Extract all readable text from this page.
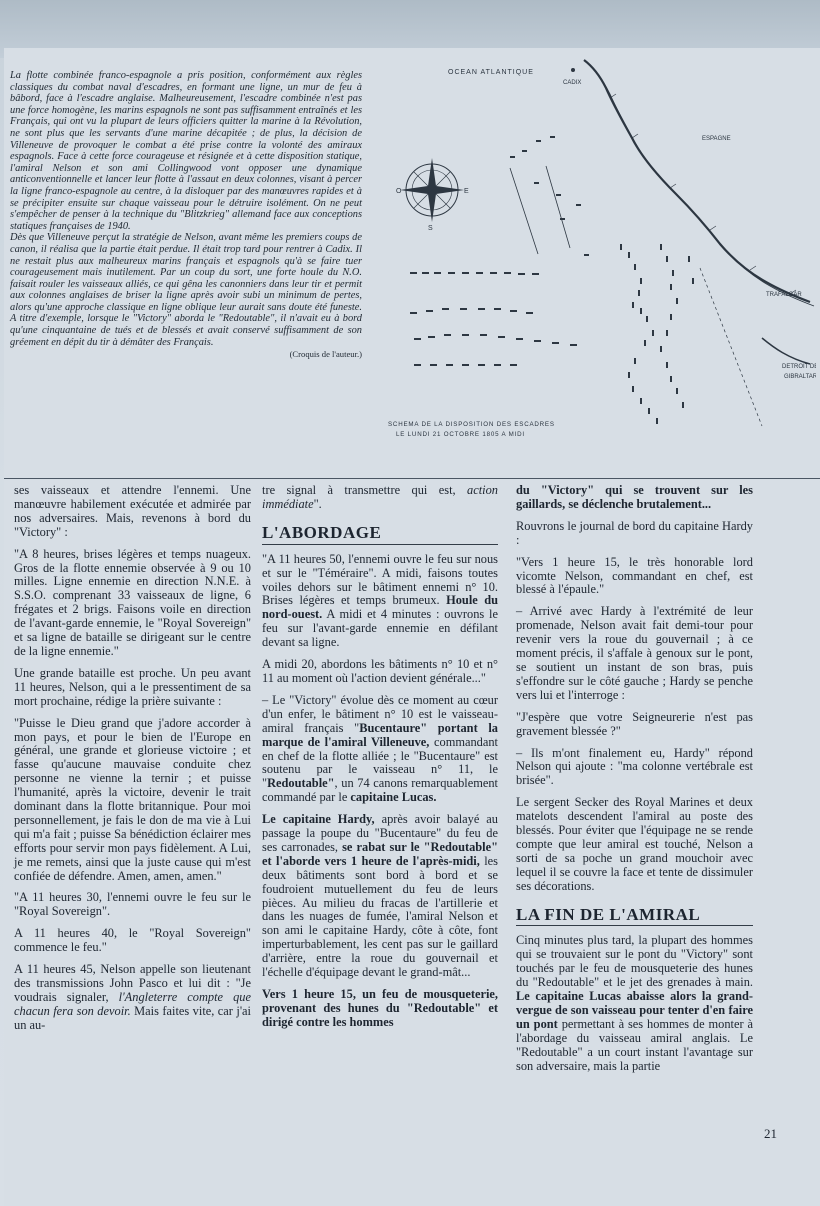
La flotte combinée franco-espagnole a pris position, conformément aux règles classiques du combat naval d'escadres, en formant une ligne, un mur de feu à bâbord, face à l'escadre anglaise. Malheureusement, l'escadre combinée n'est pas une force homogène, les marins espagnols ne sont pas suffisamment entraînés et les Français, qui ont vu la plupart de leurs officiers quitter la marine à la Révolution, ne sont plus que les servants d'une marine décapitée ; de plus, la décision de Villeneuve de provoquer le combat a été prise contre la volonté des amiraux espagnols. Face à cette force courageuse et résignée et à cette disposition statique, l'amiral Nelson et son ami Collingwood vont opposer une dynamique anticonventionnelle et lancer leur flotte à l'assaut en deux colonnes, visant à percer la ligne franco-espagnole au centre, à la disloquer par des manœuvres rapides et à se précipiter ensuite sur chaque vaisseau pour le détruire isolément. On ne peut s'empêcher de penser à la technique du "Blitzkrieg" allemand face aux conceptions statiques françaises de 1940.

Dès que Villeneuve perçut la stratégie de Nelson, avant même les premiers coups de canon, il réalisa que la partie était perdue. Il était trop tard pour rentrer à Cadix. Il ne restait plus aux malheureux marins français et espagnols qu'à se faire tuer courageusement mais inutilement. Par un coup du sort, une forte houle du N.O. faisait rouler les vaisseaux alliés, ce qui gêna les canonniers dans leur tir et permit aux colonnes anglaises de briser la ligne après avoir subi un minimum de pertes, alors qu'une approche classique en ligne oblique leur aurait sans doute été funeste. A titre d'exemple, lorsque le "Victory" aborda le "Redoutable", il n'avait eu à bord qu'une cinquantaine de tués et de blessés et avait conservé suffisamment de son gréement en dépit du tir à démâter des Français.

(Croquis de l'auteur.)
OCEAN ATLANTIQUE
CADIX
ESPAGNE
TRAFALGAR
DETROIT DE
GIBRALTAR
O	E
S
SCHEMA DE LA DISPOSITION DES ESCADRES
LE LUNDI 21 OCTOBRE 1805 A MIDI

ses vaisseaux et attendre l'ennemi. Une manœuvre habilement exécutée et admirée par nos adversaires. Mais, revenons à bord du "Victory" :

"A 8 heures, brises légères et temps nuageux. Gros de la flotte ennemie observée à 9 ou 10 milles. Ligne ennemie en direction N.N.E. à S.S.O. comprenant 33 vaisseaux de ligne, 6 frégates et 2 brigs. Faisons voile en direction de l'avant-garde ennemie, le "Royal Sovereign" et sa ligne de bataille se dirigeant sur le centre de la ligne ennemie."

Une grande bataille est proche. Un peu avant 11 heures, Nelson, qui a le pressentiment de sa mort prochaine, rédige la prière suivante :

"Puisse le Dieu grand que j'adore accorder à mon pays, et pour le bien de l'Europe en général, une grande et glorieuse victoire ; et fasse qu'aucune mauvaise conduite chez personne ne vienne la ternir ; et puisse l'humanité, après la victoire, devenir le trait dominant dans la flotte britannique. Pour moi personnellement, je fais le don de ma vie à Lui qui m'a fait ; puisse Sa bénédiction éclairer mes efforts pour servir mon pays fidèlement. A Lui, je me remets, ainsi que la juste cause qui m'est confiée de défendre. Amen, amen, amen."

"A 11 heures 30, l'ennemi ouvre le feu sur le "Royal Sovereign".

A 11 heures 40, le "Royal Sovereign" commence le feu."

A 11 heures 45, Nelson appelle son lieutenant des transmissions John Pasco et lui dit : "Je voudrais signaler, l'Angleterre compte que chacun fera son devoir. Mais faites vite, car j'ai un au-

tre signal à transmettre qui est, action immédiate".

L'ABORDAGE

"A 11 heures 50, l'ennemi ouvre le feu sur nous et sur le "Téméraire". A midi, faisons toutes voiles dehors sur le bâtiment ennemi n° 10. Brises légères et temps brumeux. Houle du nord-ouest. A midi et 4 minutes : ouvrons le feu sur l'avant-garde ennemie en défilant devant sa ligne.

A midi 20, abordons les bâtiments n° 10 et n° 11 au moment où l'action devient générale..."

– Le "Victory" évolue dès ce moment au cœur d'un enfer, le bâtiment n° 10 est le vaisseau-amiral français "Bucentaure" portant la marque de l'amiral Villeneuve, commandant en chef de la flotte alliée ; le "Bucentaure" est soutenu par le vaisseau n° 11, le "Redoutable", un 74 canons remarquablement commandé par le capitaine Lucas.

Le capitaine Hardy, après avoir balayé au passage la poupe du "Bucentaure" du feu de ses carronades, se rabat sur le "Redoutable" et l'aborde vers 1 heure de l'après-midi, les deux bâtiments sont bord à bord et se foudroient mutuellement du feu de leurs pièces. Au milieu du fracas de l'artillerie et dans les nuages de fumée, l'amiral Nelson et son ami le capitaine Hardy, côte à côte, font imperturbablement, les cent pas sur le gaillard d'arrière, entre la roue du gouvernail et l'échelle d'équipage devant le grand-mât...

Vers 1 heure 15, un feu de mousqueterie, provenant des hunes du "Redoutable" et dirigé contre les hommes

du "Victory" qui se trouvent sur les gaillards, se déclenche brutalement...

Rouvrons le journal de bord du capitaine Hardy :

"Vers 1 heure 15, le très honorable lord vicomte Nelson, commandant en chef, est blessé à l'épaule."

– Arrivé avec Hardy à l'extrémité de leur promenade, Nelson avait fait demi-tour pour revenir vers la roue du gouvernail ; à ce moment précis, il s'affale à genoux sur le pont, se soutient un instant de son bras, puis s'effondre sur le côté gauche ; Hardy se penche vers lui et l'interroge :

"J'espère que votre Seigneurerie n'est pas gravement blessée ?"

– Ils m'ont finalement eu, Hardy" répond Nelson qui ajoute : "ma colonne vertébrale est brisée".

Le sergent Secker des Royal Marines et deux matelots descendent l'amiral au poste des blessés. Pour éviter que l'équipage ne se rende compte que leur amiral est touché, Nelson a sorti de sa poche un grand mouchoir avec lequel il se couvre la face et tente de dissimuler ses décorations.

LA FIN DE L'AMIRAL

Cinq minutes plus tard, la plupart des hommes qui se trouvaient sur le pont du "Victory" sont touchés par le feu de mousqueterie des hunes du "Redoutable" et le jet des grenades à main. Le capitaine Lucas abaisse alors la grand-vergue de son vaisseau pour tenter d'en faire un pont permettant à ses hommes de monter à l'abordage du vaisseau amiral anglais. Le "Redoutable" a un court instant l'avantage sur son adversaire, mais la partie

21
